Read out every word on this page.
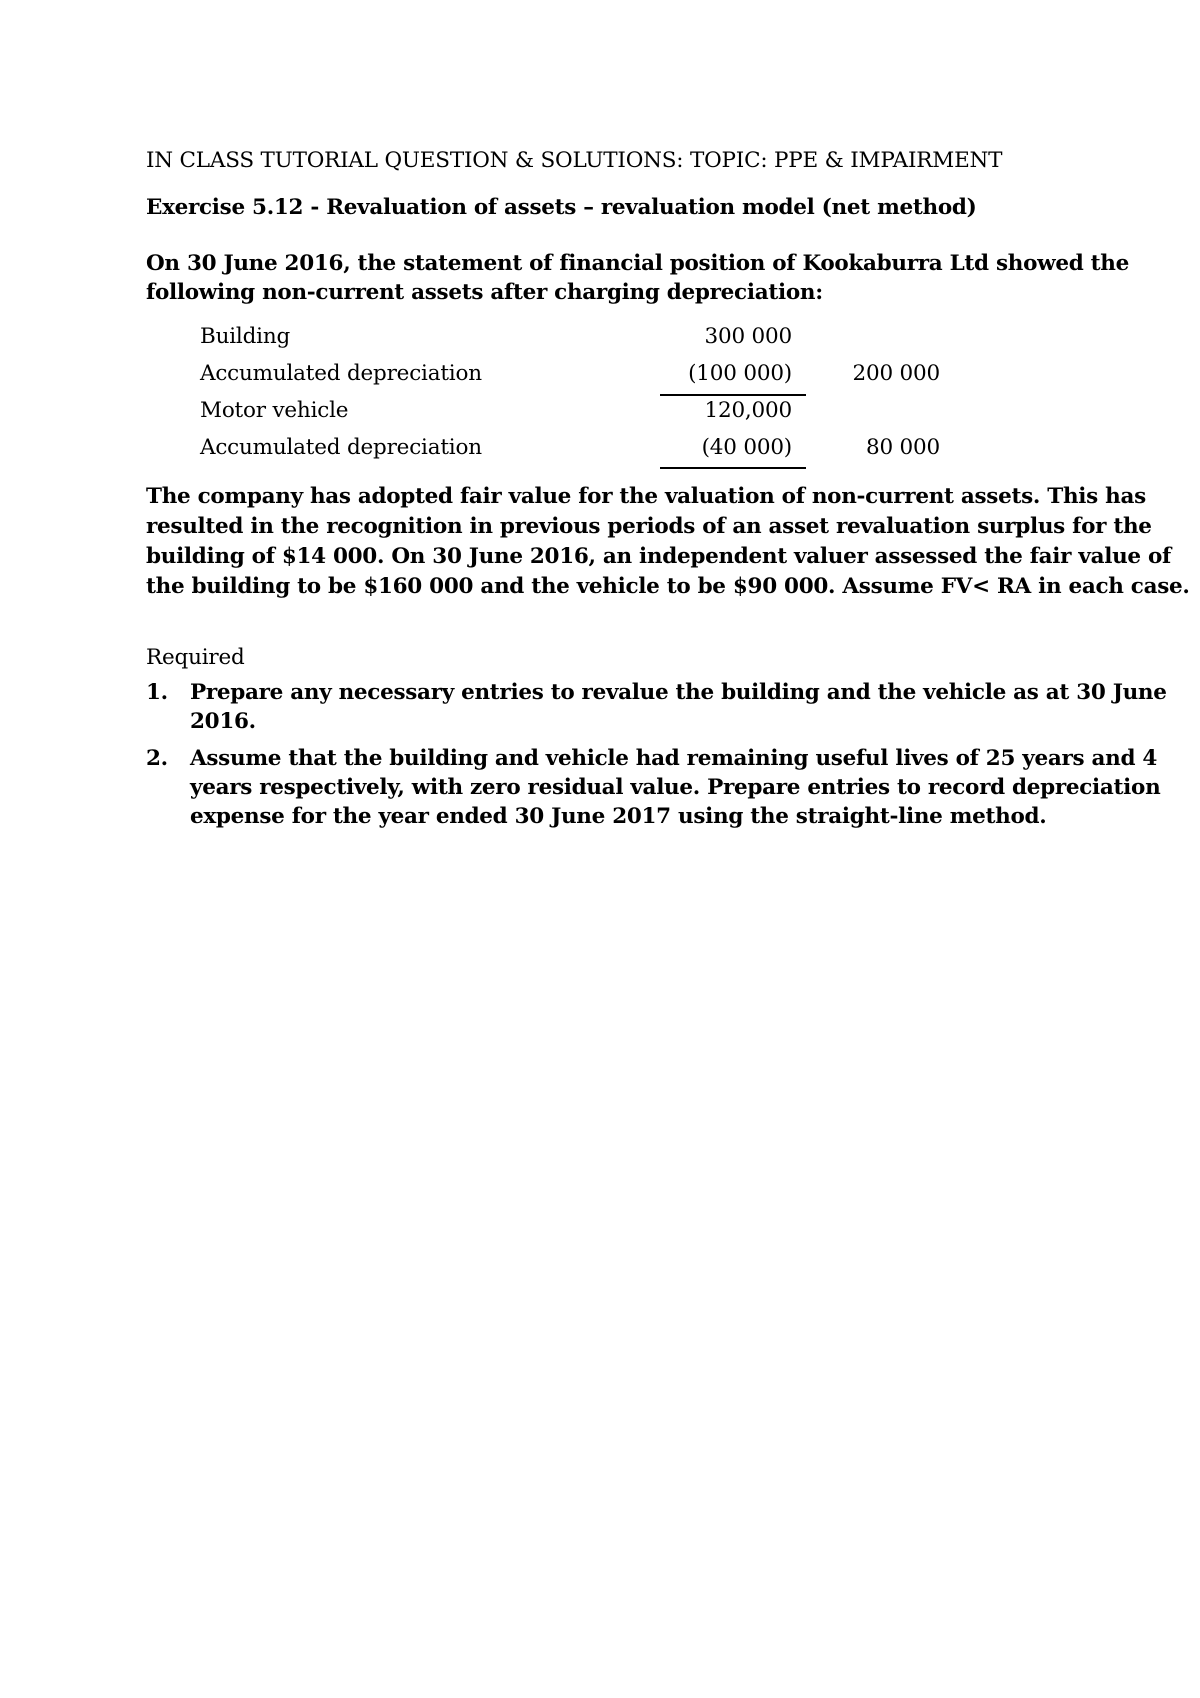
IN CLASS TUTORIAL QUESTION & SOLUTIONS: TOPIC: PPE & IMPAIRMENT
Exercise 5.12 - Revaluation of assets – revaluation model (net method)
On 30 June 2016, the statement of financial position of Kookaburra Ltd showed the
following non-current assets after charging depreciation:
Building	300 000
Accumulated depreciation	(100 000)	200 000
Motor vehicle	120,000
Accumulated depreciation	(40 000)	80 000
The company has adopted fair value for the valuation of non-current assets. This has
resulted in the recognition in previous periods of an asset revaluation surplus for the
building of $14 000. On 30 June 2016, an independent valuer assessed the fair value of
the building to be $160 000 and the vehicle to be $90 000. Assume FV< RA in each case.
Required
1. Prepare any necessary entries to revalue the building and the vehicle as at 30 June
2016.
2. Assume that the building and vehicle had remaining useful lives of 25 years and 4
years respectively, with zero residual value. Prepare entries to record depreciation
expense for the year ended 30 June 2017 using the straight-line method.
